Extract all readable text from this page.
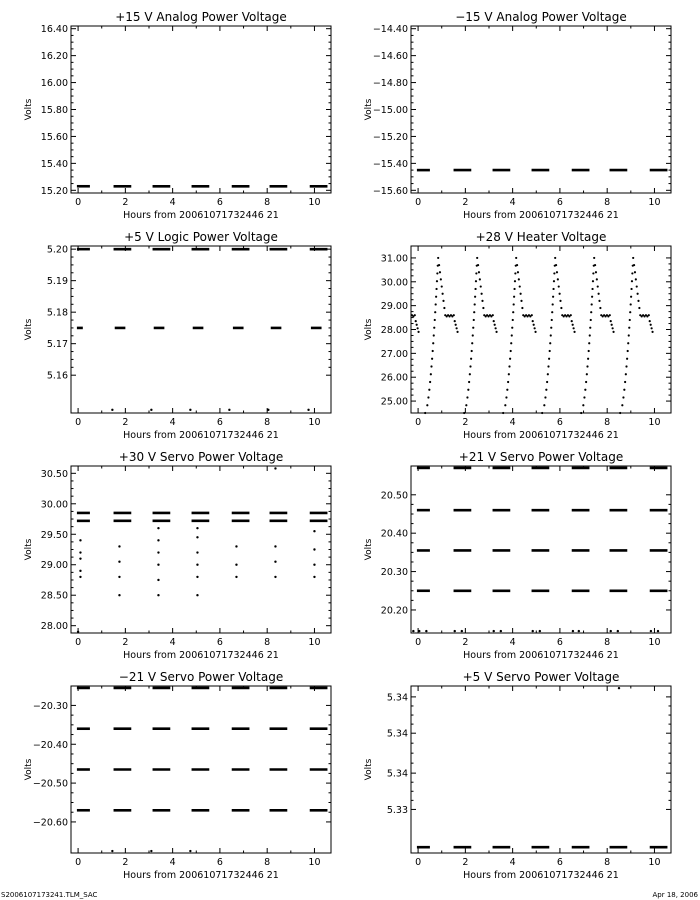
+15 V Analog Power Voltage
Volts
Hours from 20061071732446 21
0	2	4	6	8	10
16.40
16.20
16.00
15.80
15.60
15.40
15.20
−15 V Analog Power Voltage
Volts
Hours from 20061071732446 21
0	2	4	6	8	10
−14.40
−14.60
−14.80
−15.00
−15.20
−15.40
−15.60
+5 V Logic Power Voltage
Volts
Hours from 20061071732446 21
0	2	4	6	8	10
5.20
5.19
5.18
5.17
5.16
+28 V Heater Voltage
Volts
Hours from 20061071732446 21
0	2	4	6	8	10
31.00
30.00
29.00
28.00
27.00
26.00
25.00
+30 V Servo Power Voltage
Volts
Hours from 20061071732446 21
0	2	4	6	8	10
30.50
30.00
29.50
29.00
28.50
28.00
+21 V Servo Power Voltage
Volts
Hours from 20061071732446 21
0	2	4	6	8	10
20.50
20.40
20.30
20.20
−21 V Servo Power Voltage
Volts
Hours from 20061071732446 21
0	2	4	6	8	10
−20.30
−20.40
−20.50
−20.60
+5 V Servo Power Voltage
Volts
Hours from 20061071732446 21
0	2	4	6	8	10
5.34
5.34
5.34
5.33
S2006107173241.TLM_SAC	Apr 18, 2006
